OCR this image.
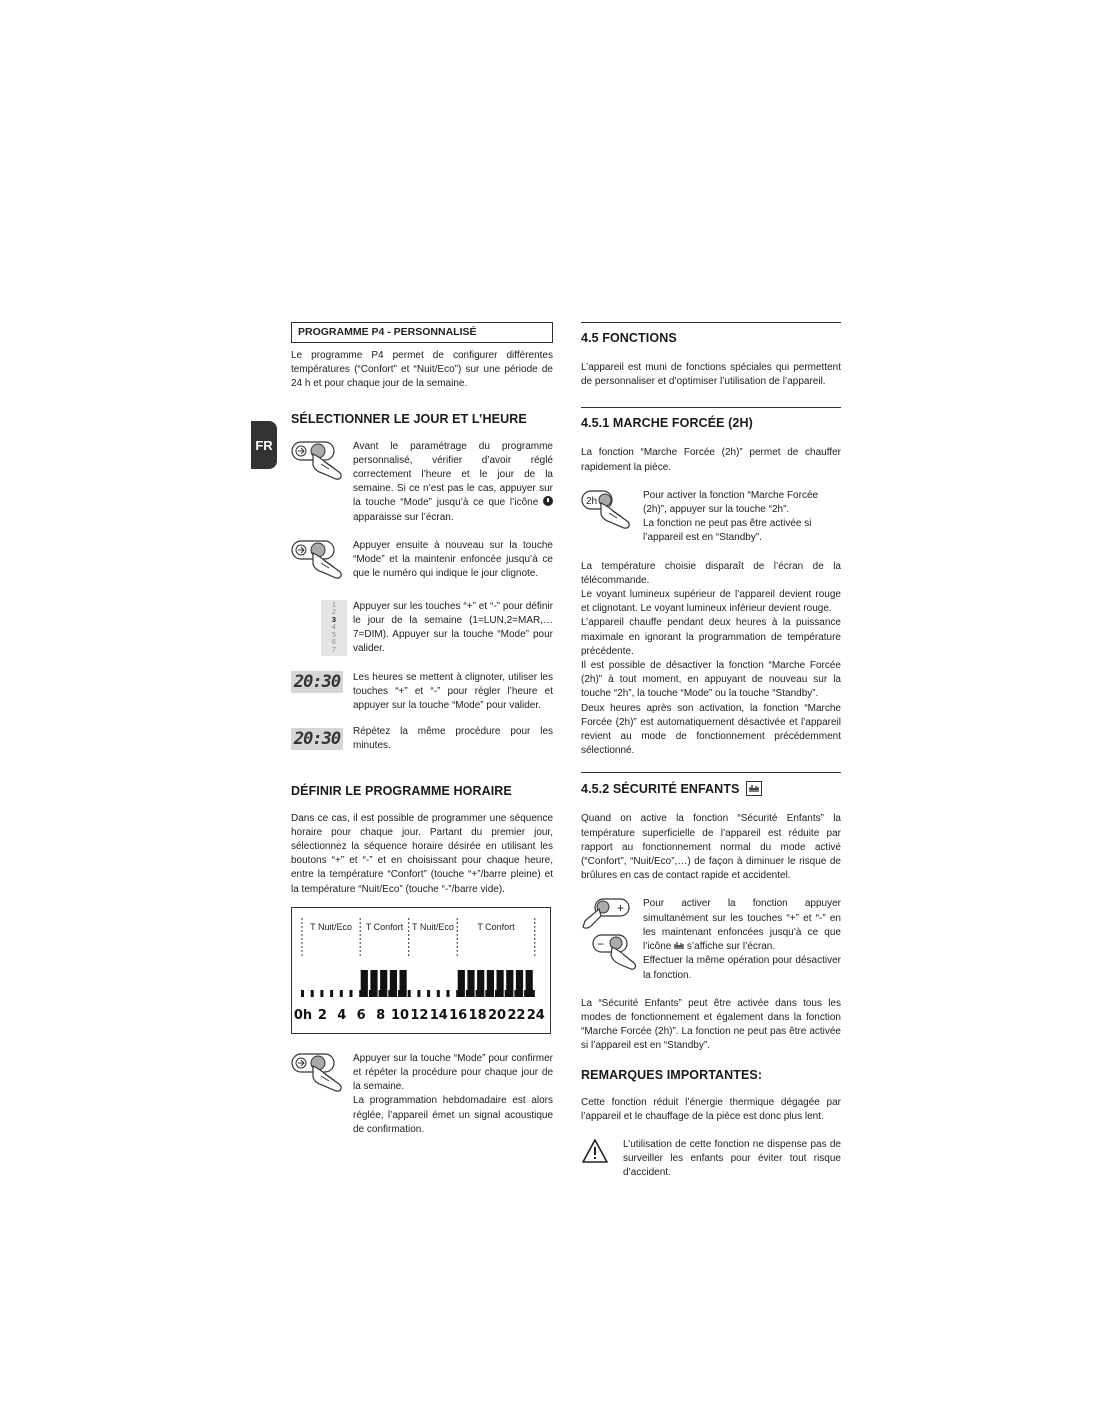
FR
PROGRAMME P4 - PERSONNALISÉ

Le programme P4 permet de configurer différentes températures (“Confort” et “Nuit/Eco”) sur une période de 24 h et pour chaque jour de la semaine.

SÉLECTIONNER LE JOUR ET L’HEURE

Avant le paramétrage du programme personnalisé, vérifier d’avoir réglé correctement l’heure et le jour de la semaine. Si ce n’est pas le cas, appuyer sur la touche “Mode” jusqu’à ce que l’icône
apparaisse sur l’écran.

Appuyer ensuite à nouveau sur la touche “Mode” et la maintenir enfoncée jusqu’à ce que le numéro qui indique le jour clignote.

1
2
3
4
5
6
7

Appuyer sur les touches “+” et “-” pour définir le jour de la semaine (1=LUN,2=MAR,… 7=DIM). Appuyer sur la touche “Mode” pour valider.

20:30 Les heures se mettent à clignoter, utiliser les touches “+” et “-” pour régler l’heure et appuyer sur la touche “Mode” pour valider.

20:30 Répétez la même procédure pour les minutes.

DÉFINIR LE PROGRAMME HORAIRE

Dans ce cas, il est possible de programmer une séquence horaire pour chaque jour. Partant du premier jour, sélectionnez la séquence horaire désirée en utilisant les boutons “+” et “-” et en choisissant pour chaque heure, entre la température “Confort” (touche “+”/barre pleine) et la température “Nuit/Eco” (touche “-”/barre vide).

T Nuit/Eco T Confort T Nuit/Eco	T Confort
0h 2 4 6 8 10 12 14 16 18 20 22 24

Appuyer sur la touche “Mode” pour confirmer et répéter la procédure pour chaque jour de la semaine.

La programmation hebdomadaire est alors réglée, l’appareil émet un signal acoustique de confirmation.

4.5 FONCTIONS

L’appareil est muni de fonctions spéciales qui permettent de personnaliser et d’optimiser l’utilisation de l’appareil.

4.5.1 MARCHE FORCÉE (2H)

La fonction “Marche Forcée (2h)” permet de chauffer rapidement la pièce.

2h

Pour activer la fonction “Marche Forcée (2h)”, appuyer sur la touche “2h”.

La fonction ne peut pas être activée si l’appareil est en “Standby”.

La température choisie disparaît de l’écran de la télécommande.

Le voyant lumineux supérieur de l’appareil devient rouge et clignotant. Le voyant lumineux inférieur devient rouge.

L’appareil chauffe pendant deux heures à la puissance maximale en ignorant la programmation de température précédente.

Il est possible de désactiver la fonction “Marche Forcée (2h)” à tout moment, en appuyant de nouveau sur la touche “2h”, la touche “Mode” ou la touche “Standby”.

Deux heures après son activation, la fonction “Marche Forcée (2h)” est automatiquement désactivée et l’appareil revient au mode de fonctionnement précédemment sélectionné.

4.5.2 SÉCURITÉ ENFANTS

Quand on active la fonction “Sécurité Enfants” la température superficielle de l’appareil est réduite par rapport au fonctionnement normal du mode activé (“Confort”, “Nuit/Eco”,…) de façon à diminuer le risque de brûlures en cas de contact rapide et accidentel.

+
−

Pour activer la fonction appuyer simultanément sur les touches “+” et “-” en les maintenant enfoncées jusqu’à ce que l’icône s’affiche sur l’écran.

Effectuer la même opération pour désactiver la fonction.

La “Sécurité Enfants” peut être activée dans tous les modes de fonctionnement et également dans la fonction “Marche Forcée (2h)”. La fonction ne peut pas être activée si l’appareil est en “Standby”.

REMARQUES IMPORTANTES:

Cette fonction réduit l’énergie thermique dégagée par l’appareil et le chauffage de la pièce est donc plus lent.

L’utilisation de cette fonction ne dispense pas de surveiller les enfants pour éviter tout risque d’accident.
